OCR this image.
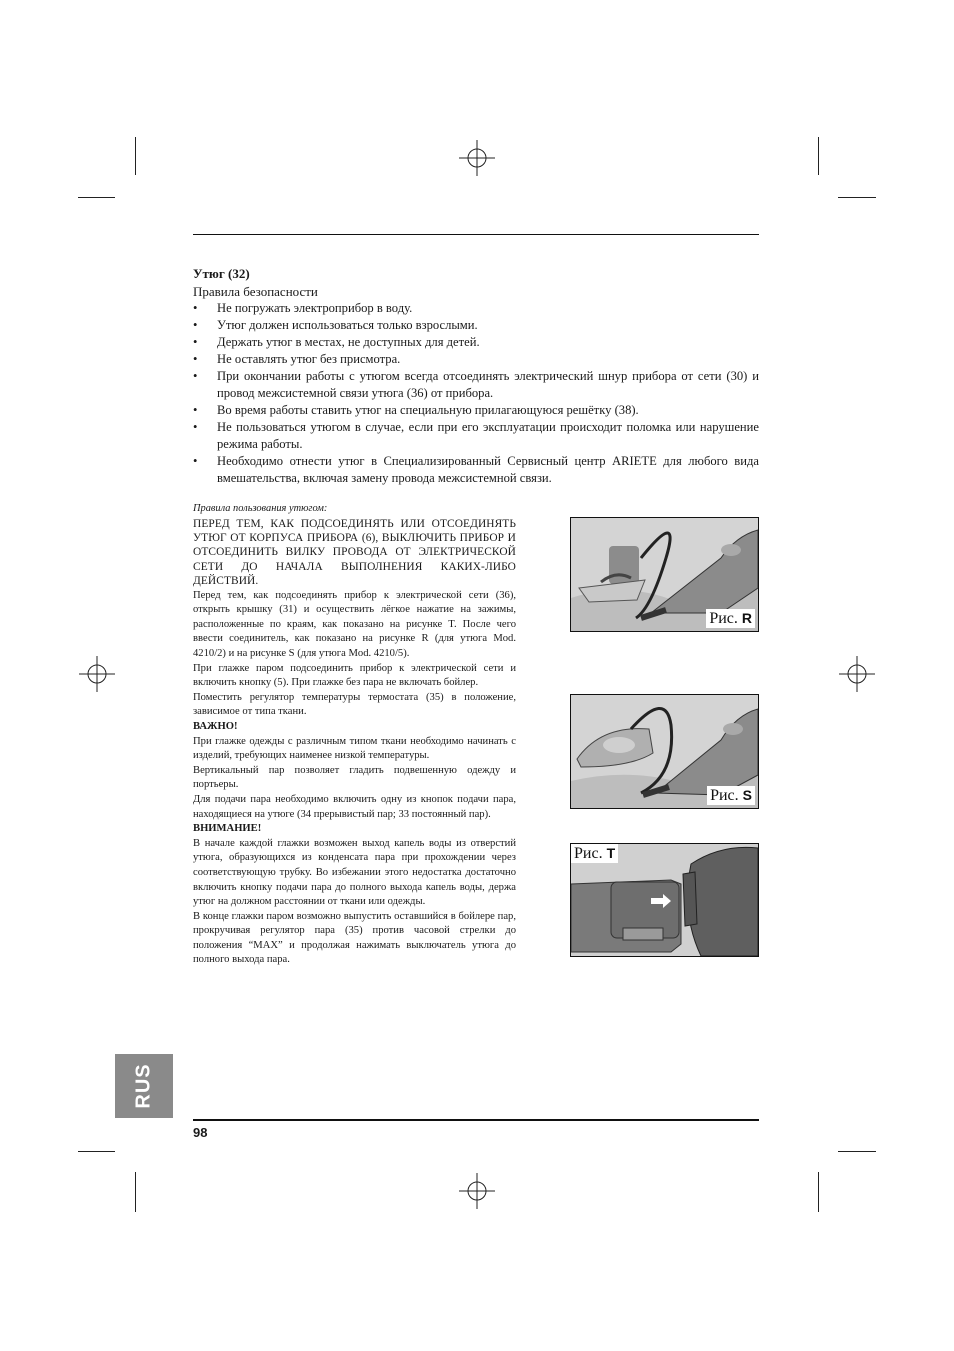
Утюг (32)
Правила безопасности
• Не погружать электроприбор в воду.
• Утюг должен использоваться только взрослыми.
• Держать утюг в местах, не доступных для детей.
• Не оставлять утюг без присмотра.
• При окончании работы с утюгом всегда отсоединять электрический шнур прибора от сети (30) и провод межсистемной связи утюга (36) от прибора.
• Во время работы ставить утюг на специальную прилагающуюся решётку (38).
• Не пользоваться утюгом в случае, если при его эксплуатации происходит поломка или нарушение режима работы.
• Необходимо отнести утюг в Специализированный Сервисный центр ARIETE для любого вида вмешательства, включая замену провода межсистемной связи.

Правила пользования утюгом:

ПЕРЕД ТЕМ, КАК ПОДСОЕДИНЯТЬ ИЛИ ОТСОЕДИНЯТЬ УТЮГ ОТ КОРПУСА ПРИБОРА (6), ВЫКЛЮЧИТЬ ПРИБОР И ОТСОЕДИНИТЬ ВИЛКУ ПРОВОДА ОТ ЭЛЕКТРИЧЕСКОЙ СЕТИ ДО НАЧАЛА ВЫПОЛНЕНИЯ КАКИХ-ЛИБО ДЕЙСТВИЙ.

Перед тем, как подсоединять прибор к электрической сети (36), открыть крышку (31) и осуществить лёгкое нажатие на зажимы, расположенные по краям, как показано на рисунке T. После чего ввести соединитель, как показано на рисунке R (для утюга Mod. 4210/2) и на рисунке S (для утюга Mod. 4210/5).

При глажке паром подсоединить прибор к электрической сети и включить кнопку (5). При глажке без пара не включать бойлер.

Поместить регулятор температуры термостата (35) в положение, зависимое от типа ткани.

ВАЖНО!

При глажке одежды с различным типом ткани необходимо начинать с изделий, требующих наименее низкой температуры.

Вертикальный пар позволяет гладить подвешенную одежду и портьеры.

Для подачи пара необходимо включить одну из кнопок подачи пара, находящиеся на утюге (34 прерывистый пар; 33 постоянный пар).

ВНИМАНИЕ!

В начале каждой глажки возможен выход капель воды из отверстий утюга, образующихся из конденсата пара при прохождении через соответствующую трубку. Во избежании этого недостатка достаточно включить кнопку подачи пара до полного выхода капель воды, держа утюг на должном расстоянии от ткани или одежды.

В конце глажки паром возможно выпустить оставшийся в бойлере пар, прокручивая регулятор пара (35) против часовой стрелки до положения “MAX” и продолжая нажимать выключатель утюга до полного выхода пара.

Рис. R
Рис. S
Рис. T
RUS
98
